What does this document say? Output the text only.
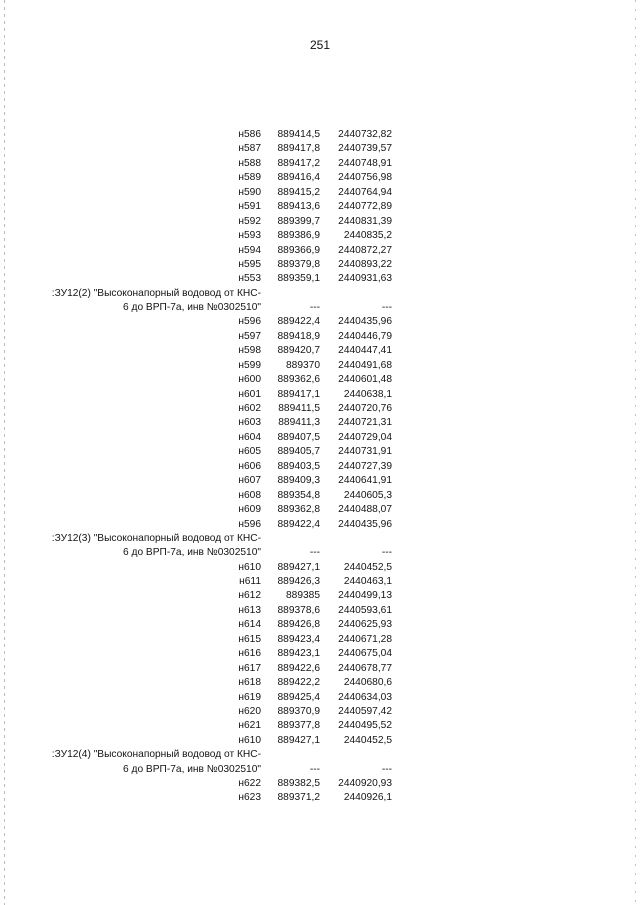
251
н586 889414,5 2440732,82
н587 889417,8 2440739,57
н588 889417,2 2440748,91
н589 889416,4 2440756,98
н590 889415,2 2440764,94
н591 889413,6 2440772,89
н592 889399,7 2440831,39
н593 889386,9 2440835,2
н594 889366,9 2440872,27
н595 889379,8 2440893,22
н553 889359,1 2440931,63
:ЗУ12(2) "Высоконапорный водовод от КНС-
6 до ВРП-7а, инв №0302510"	---	---
н596 889422,4 2440435,96
н597 889418,9 2440446,79
н598 889420,7 2440447,41
н599 889370 2440491,68
н600 889362,6 2440601,48
н601 889417,1 2440638,1
н602 889411,5 2440720,76
н603 889411,3 2440721,31
н604 889407,5 2440729,04
н605 889405,7 2440731,91
н606 889403,5 2440727,39
н607 889409,3 2440641,91
н608 889354,8 2440605,3
н609 889362,8 2440488,07
н596 889422,4 2440435,96
:ЗУ12(3) "Высоконапорный водовод от КНС-
6 до ВРП-7а, инв №0302510"	---	---
н610 889427,1 2440452,5
н611 889426,3 2440463,1
н612 889385 2440499,13
н613 889378,6 2440593,61
н614 889426,8 2440625,93
н615 889423,4 2440671,28
н616 889423,1 2440675,04
н617 889422,6 2440678,77
н618 889422,2 2440680,6
н619 889425,4 2440634,03
н620 889370,9 2440597,42
н621 889377,8 2440495,52
н610 889427,1 2440452,5
:ЗУ12(4) "Высоконапорный водовод от КНС-
6 до ВРП-7а, инв №0302510"	---	---
н622 889382,5 2440920,93
н623 889371,2 2440926,1
